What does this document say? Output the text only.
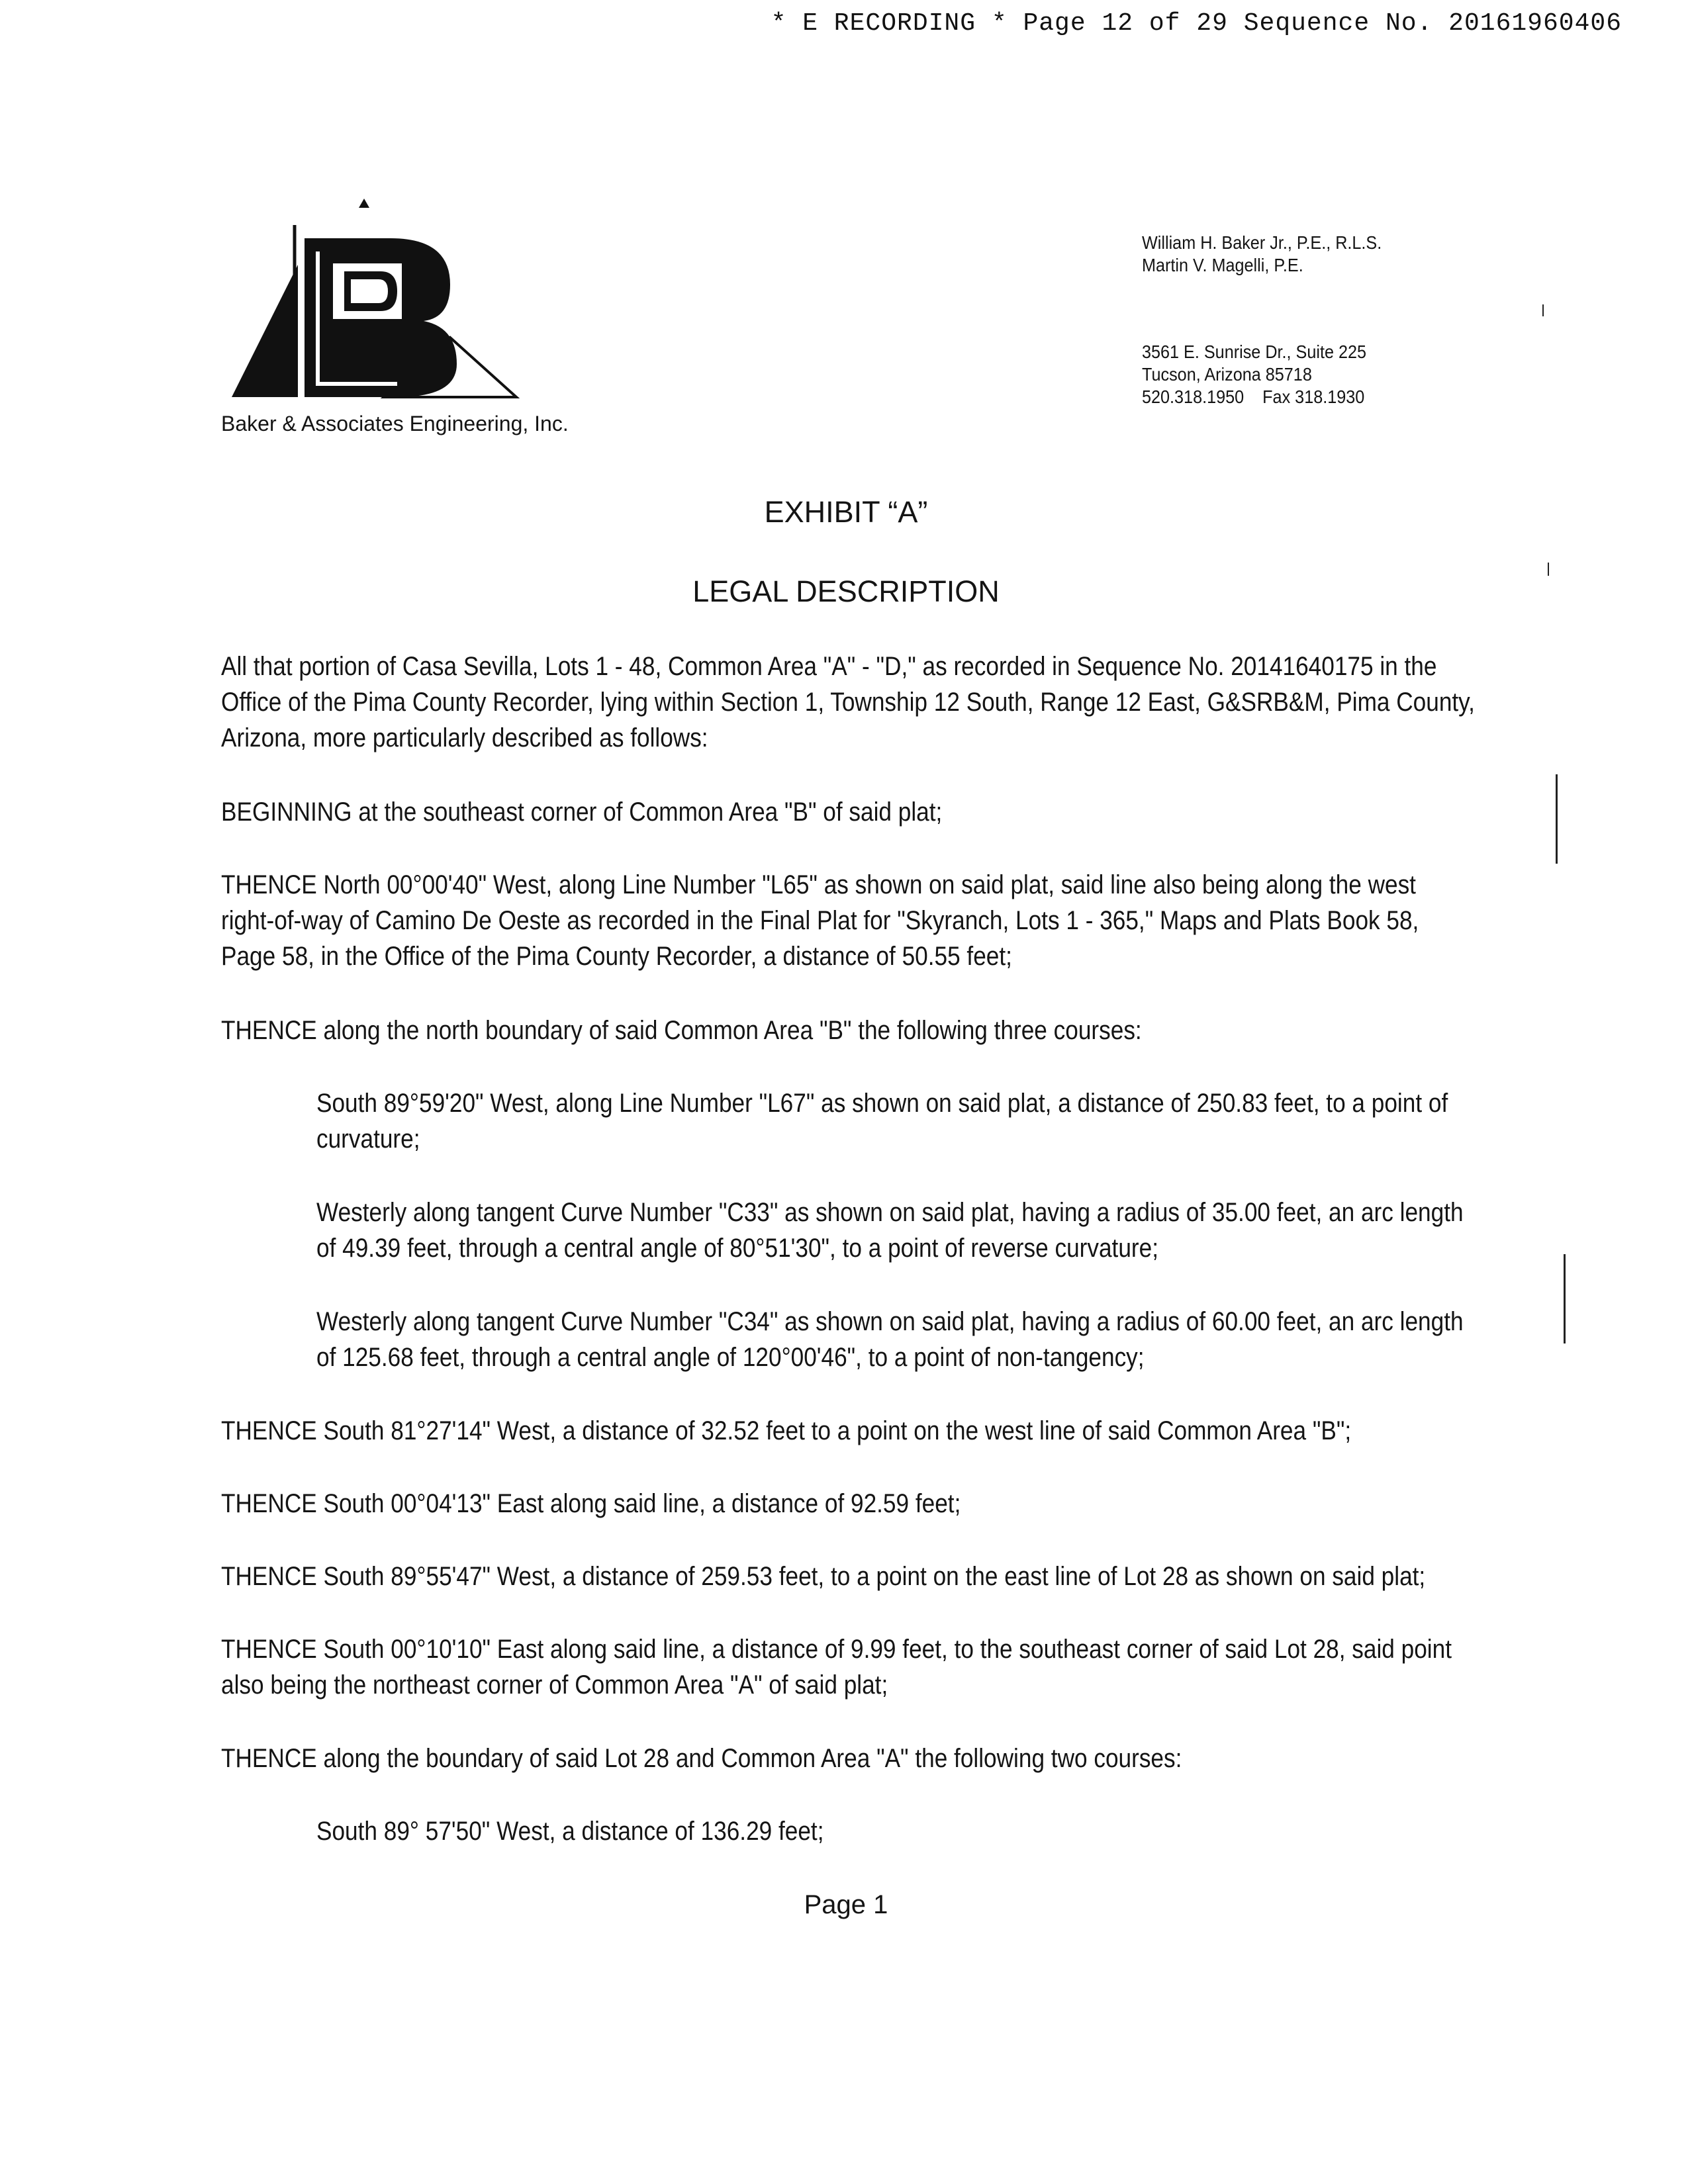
* E RECORDING * Page 12 of 29 Sequence No. 20161960406
Baker & Associates Engineering, Inc.
William H. Baker Jr., P.E., R.L.S.
Martin V. Magelli, P.E.
3561 E. Sunrise Dr., Suite 225
Tucson, Arizona 85718
520.318.1950 Fax 318.1930
EXHIBIT “A”
LEGAL DESCRIPTION
All that portion of Casa Sevilla, Lots 1 - 48, Common Area "A" - "D," as recorded in Sequence No. 20141640175 in the
Office of the Pima County Recorder, lying within Section 1, Township 12 South, Range 12 East, G&SRB&M, Pima County,
Arizona, more particularly described as follows:
BEGINNING at the southeast corner of Common Area "B" of said plat;
THENCE North 00°00'40" West, along Line Number "L65" as shown on said plat, said line also being along the west
right-of-way of Camino De Oeste as recorded in the Final Plat for "Skyranch, Lots 1 - 365," Maps and Plats Book 58,
Page 58, in the Office of the Pima County Recorder, a distance of 50.55 feet;
THENCE along the north boundary of said Common Area "B" the following three courses:
South 89°59'20" West, along Line Number "L67" as shown on said plat, a distance of 250.83 feet, to a point of
curvature;
Westerly along tangent Curve Number "C33" as shown on said plat, having a radius of 35.00 feet, an arc length
of 49.39 feet, through a central angle of 80°51'30", to a point of reverse curvature;
Westerly along tangent Curve Number "C34" as shown on said plat, having a radius of 60.00 feet, an arc length
of 125.68 feet, through a central angle of 120°00'46", to a point of non-tangency;
THENCE South 81°27'14" West, a distance of 32.52 feet to a point on the west line of said Common Area "B";
THENCE South 00°04'13" East along said line, a distance of 92.59 feet;
THENCE South 89°55'47" West, a distance of 259.53 feet, to a point on the east line of Lot 28 as shown on said plat;
THENCE South 00°10'10" East along said line, a distance of 9.99 feet, to the southeast corner of said Lot 28, said point
also being the northeast corner of Common Area "A" of said plat;
THENCE along the boundary of said Lot 28 and Common Area "A" the following two courses:
South 89° 57'50" West, a distance of 136.29 feet;
Page 1
